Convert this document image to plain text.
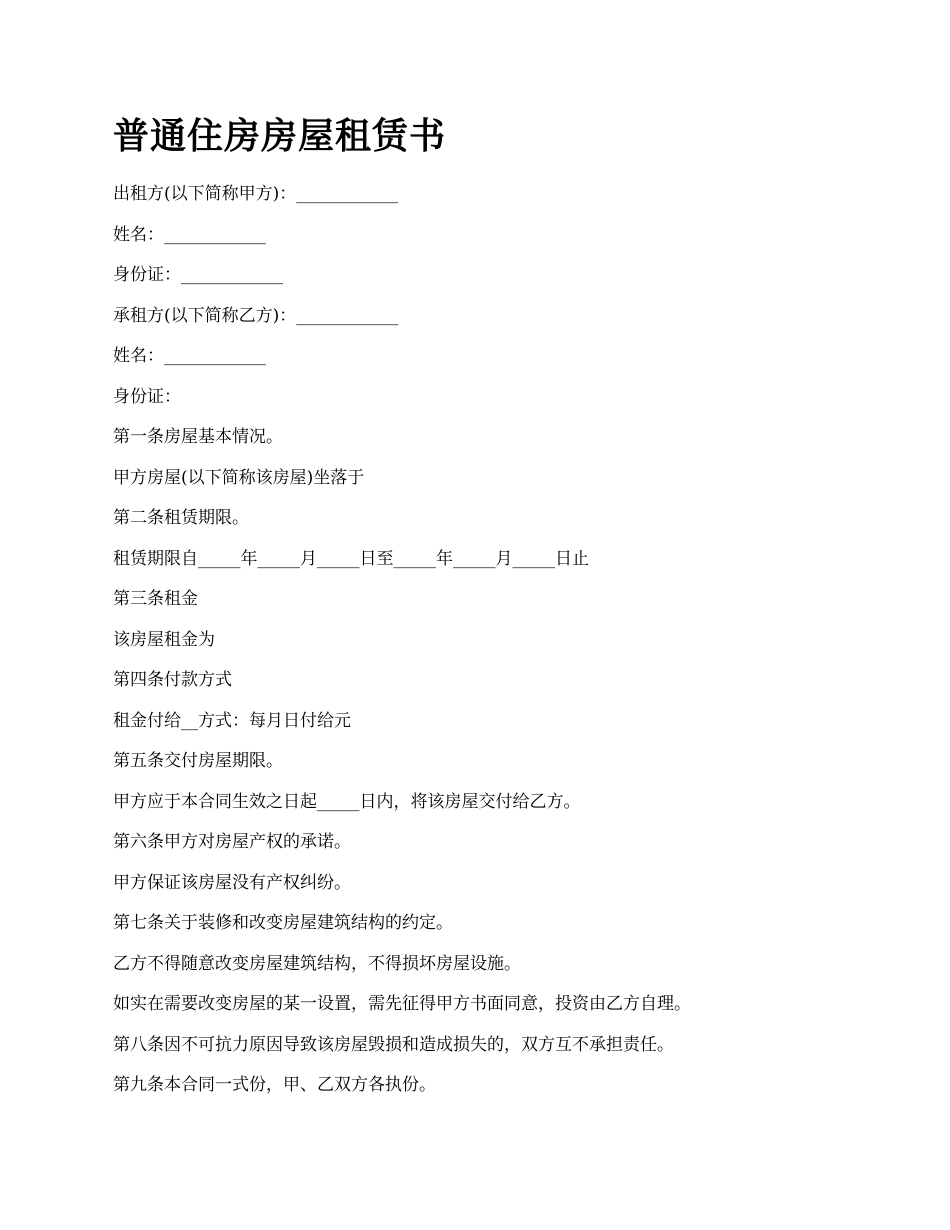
普通住房房屋租赁书
出租方(以下简称甲方)：____________
姓名：____________
身份证：____________
承租方(以下简称乙方)：____________
姓名：____________
身份证：
第一条房屋基本情况。
甲方房屋(以下简称该房屋)坐落于
第二条租赁期限。
租赁期限自_____年_____月_____日至_____年_____月_____日止
第三条租金
该房屋租金为
第四条付款方式
租金付给__方式：每月日付给元
第五条交付房屋期限。
甲方应于本合同生效之日起_____日内，将该房屋交付给乙方。
第六条甲方对房屋产权的承诺。
甲方保证该房屋没有产权纠纷。
第七条关于装修和改变房屋建筑结构的约定。
乙方不得随意改变房屋建筑结构，不得损坏房屋设施。
如实在需要改变房屋的某一设置，需先征得甲方书面同意，投资由乙方自理。
第八条因不可抗力原因导致该房屋毁损和造成损失的，双方互不承担责任。
第九条本合同一式份，甲、乙双方各执份。
